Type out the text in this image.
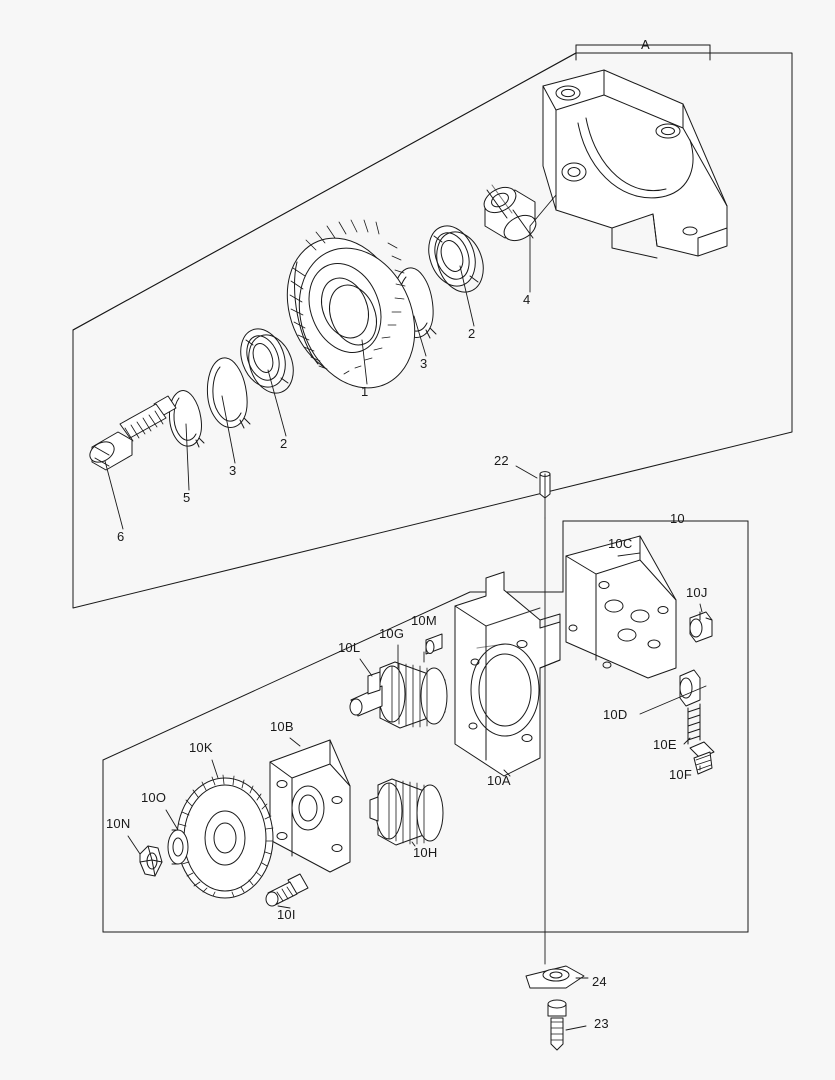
A
4
2
3
1
2
3
5
6
22
10
10C
10J
10M
10G
10L
10D
10E
10F
10B
10A
10K
10H
10O
10N
10I
24
23
